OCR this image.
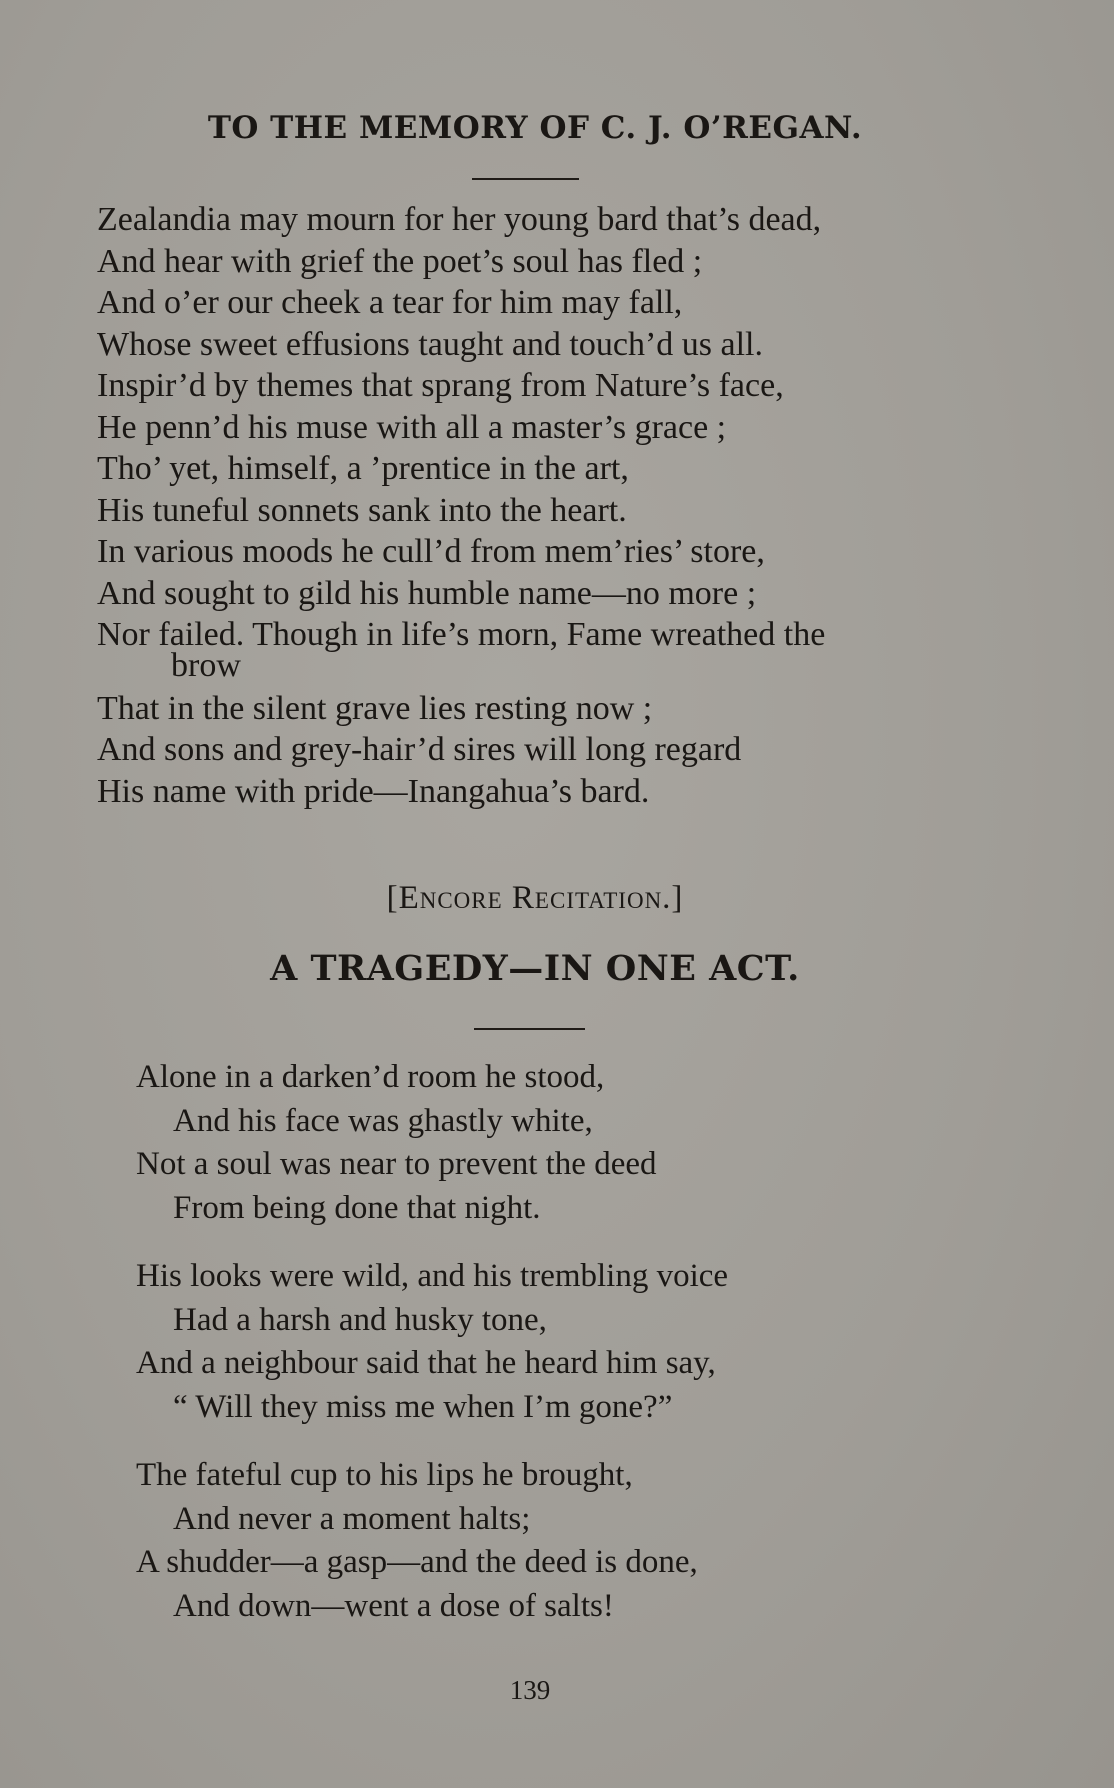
TO THE MEMORY OF C. J. O’REGAN.
Zealandia may mourn for her young bard that’s dead,
And hear with grief the poet’s soul has fled ;
And o’er our cheek a tear for him may fall,
Whose sweet effusions taught and touch’d us all.
Inspir’d by themes that sprang from Nature’s face,
He penn’d his muse with all a master’s grace ;
Tho’ yet, himself, a ’prentice in the art,
His tuneful sonnets sank into the heart.
In various moods he cull’d from mem’ries’ store,
And sought to gild his humble name—no more ;
Nor failed. Though in life’s morn, Fame wreathed the
brow
That in the silent grave lies resting now ;
And sons and grey-hair’d sires will long regard
His name with pride—Inangahua’s bard.
[Encore Recitation.]
A TRAGEDY—IN ONE ACT.
Alone in a darken’d room he stood,
And his face was ghastly white,
Not a soul was near to prevent the deed
From being done that night.
His looks were wild, and his trembling voice
Had a harsh and husky tone,
And a neighbour said that he heard him say,
“ Will they miss me when I’m gone?”
The fateful cup to his lips he brought,
And never a moment halts;
A shudder—a gasp—and the deed is done,
And down—went a dose of salts!
139
